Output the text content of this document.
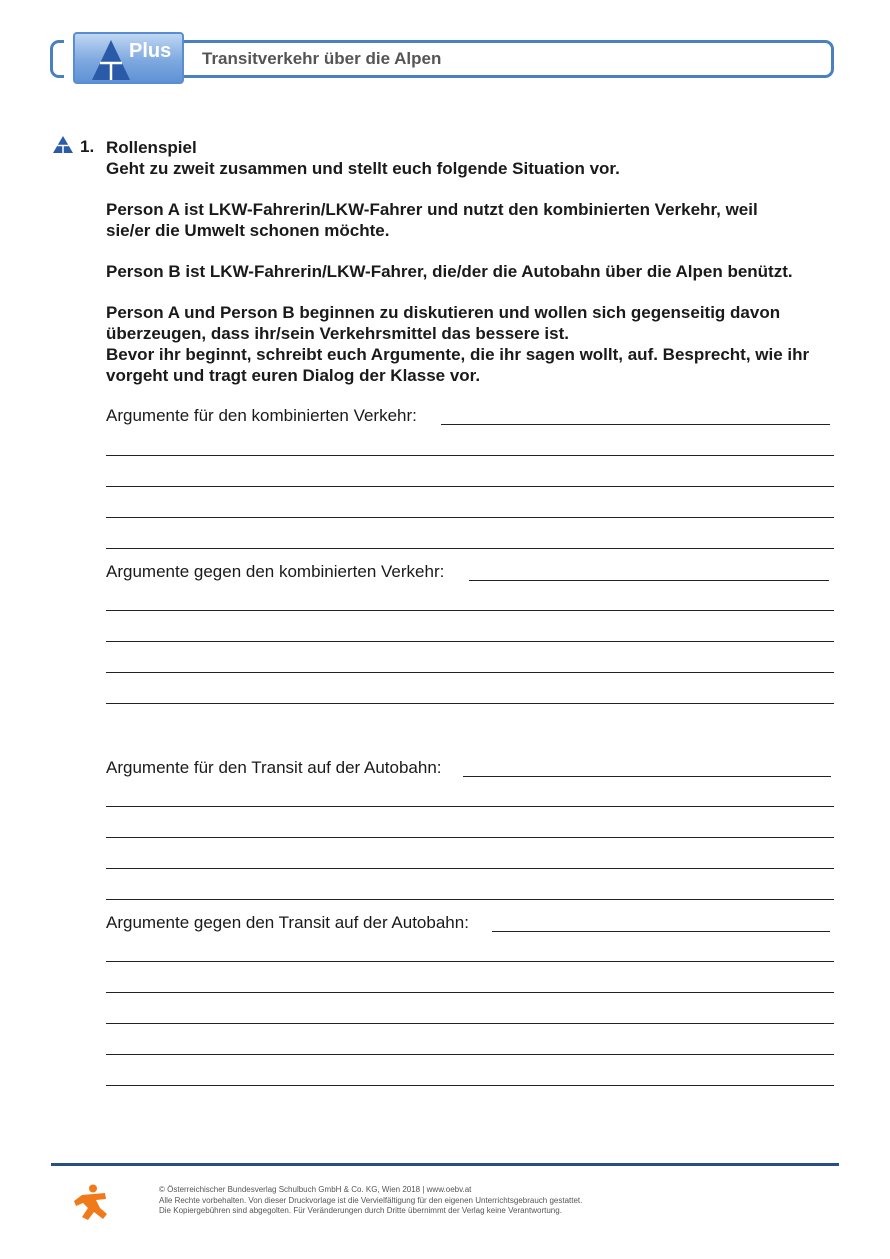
Plus Transitverkehr über die Alpen
1. Rollenspiel

Geht zu zweit zusammen und stellt euch folgende Situation vor.

Person A ist LKW-Fahrerin/LKW-Fahrer und nutzt den kombinierten Verkehr, weil sie/er die Umwelt schonen möchte.

Person B ist LKW-Fahrerin/LKW-Fahrer, die/der die Autobahn über die Alpen benützt.

Person A und Person B beginnen zu diskutieren und wollen sich gegenseitig davon überzeugen, dass ihr/sein Verkehrsmittel das bessere ist.

Bevor ihr beginnt, schreibt euch Argumente, die ihr sagen wollt, auf. Besprecht, wie ihr vorgeht und tragt euren Dialog der Klasse vor.

Argumente für den kombinierten Verkehr:
Argumente gegen den kombinierten Verkehr:
Argumente für den Transit auf der Autobahn:
Argumente gegen den Transit auf der Autobahn:
© Österreichischer Bundesverlag Schulbuch GmbH & Co. KG, Wien 2018 | www.oebv.at
Alle Rechte vorbehalten. Von dieser Druckvorlage ist die Vervielfältigung für den eigenen Unterrichtsgebrauch gestattet.
Die Kopiergebühren sind abgegolten. Für Veränderungen durch Dritte übernimmt der Verlag keine Verantwortung.
